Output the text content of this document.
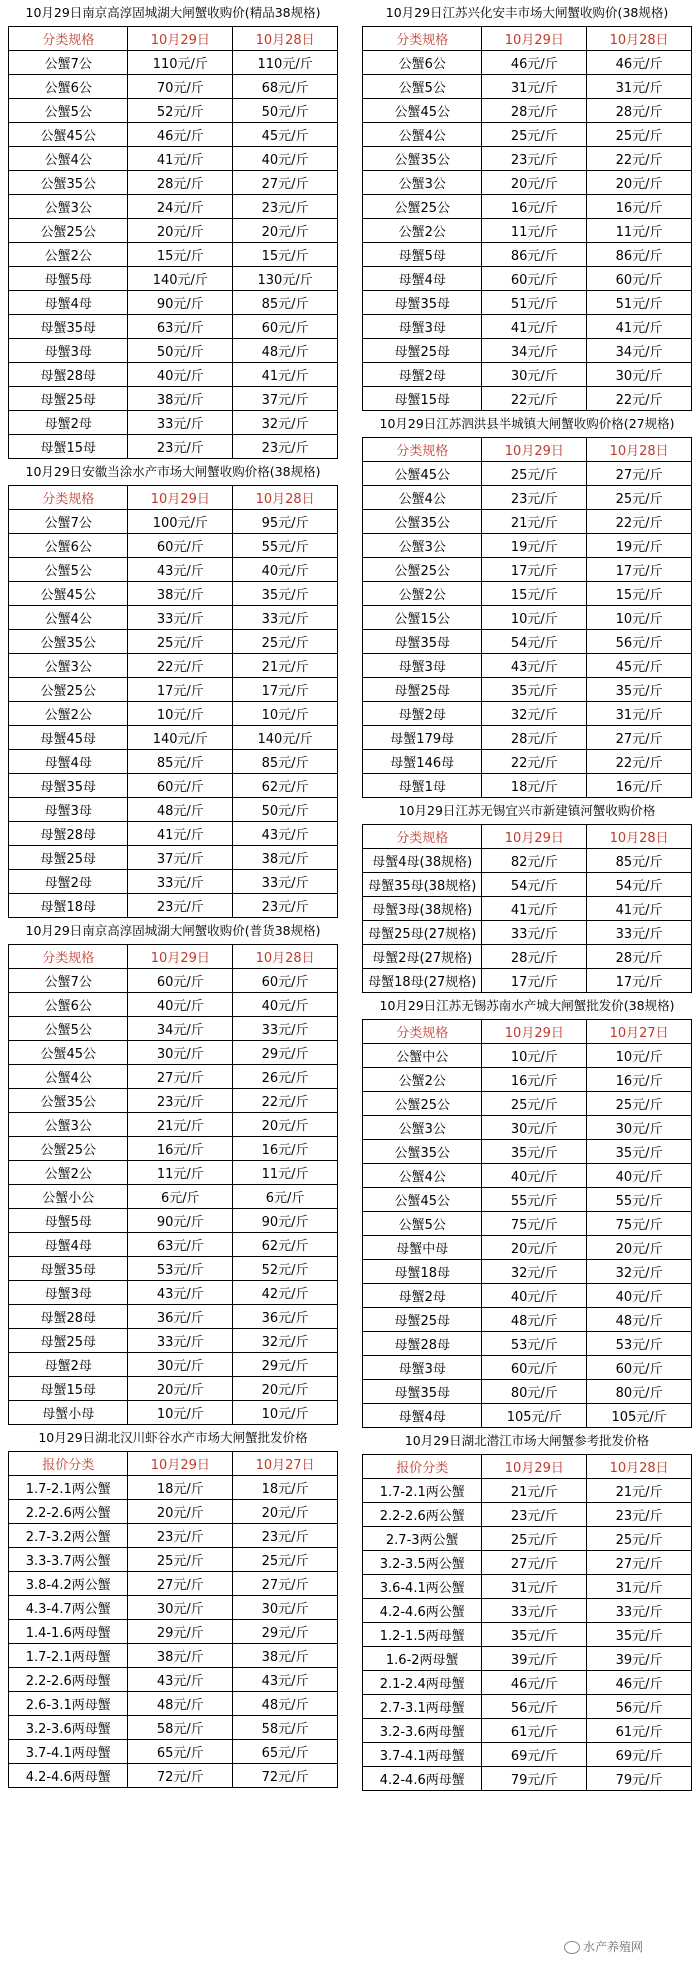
10月29日南京高淳固城湖大闸蟹收购价(精品38规格)
分类规格	10月29日	10月28日
公蟹7公	110元/斤	110元/斤
公蟹6公	70元/斤	68元/斤
公蟹5公	52元/斤	50元/斤
公蟹45公	46元/斤	45元/斤
公蟹4公	41元/斤	40元/斤
公蟹35公	28元/斤	27元/斤
公蟹3公	24元/斤	23元/斤
公蟹25公	20元/斤	20元/斤
公蟹2公	15元/斤	15元/斤
母蟹5母	140元/斤	130元/斤
母蟹4母	90元/斤	85元/斤
母蟹35母	63元/斤	60元/斤
母蟹3母	50元/斤	48元/斤
母蟹28母	40元/斤	41元/斤
母蟹25母	38元/斤	37元/斤
母蟹2母	33元/斤	32元/斤
母蟹15母	23元/斤	23元/斤
10月29日安徽当涂水产市场大闸蟹收购价格(38规格)
分类规格	10月29日	10月28日
公蟹7公	100元/斤	95元/斤
公蟹6公	60元/斤	55元/斤
公蟹5公	43元/斤	40元/斤
公蟹45公	38元/斤	35元/斤
公蟹4公	33元/斤	33元/斤
公蟹35公	25元/斤	25元/斤
公蟹3公	22元/斤	21元/斤
公蟹25公	17元/斤	17元/斤
公蟹2公	10元/斤	10元/斤
母蟹45母	140元/斤	140元/斤
母蟹4母	85元/斤	85元/斤
母蟹35母	60元/斤	62元/斤
母蟹3母	48元/斤	50元/斤
母蟹28母	41元/斤	43元/斤
母蟹25母	37元/斤	38元/斤
母蟹2母	33元/斤	33元/斤
母蟹18母	23元/斤	23元/斤
10月29日南京高淳固城湖大闸蟹收购价(普货38规格)
分类规格	10月29日	10月28日
公蟹7公	60元/斤	60元/斤
公蟹6公	40元/斤	40元/斤
公蟹5公	34元/斤	33元/斤
公蟹45公	30元/斤	29元/斤
公蟹4公	27元/斤	26元/斤
公蟹35公	23元/斤	22元/斤
公蟹3公	21元/斤	20元/斤
公蟹25公	16元/斤	16元/斤
公蟹2公	11元/斤	11元/斤
公蟹小公	6元/斤	6元/斤
母蟹5母	90元/斤	90元/斤
母蟹4母	63元/斤	62元/斤
母蟹35母	53元/斤	52元/斤
母蟹3母	43元/斤	42元/斤
母蟹28母	36元/斤	36元/斤
母蟹25母	33元/斤	32元/斤
母蟹2母	30元/斤	29元/斤
母蟹15母	20元/斤	20元/斤
母蟹小母	10元/斤	10元/斤
10月29日湖北汉川虾谷水产市场大闸蟹批发价格
报价分类	10月29日	10月27日
1.7-2.1两公蟹	18元/斤	18元/斤
2.2-2.6两公蟹	20元/斤	20元/斤
2.7-3.2两公蟹	23元/斤	23元/斤
3.3-3.7两公蟹	25元/斤	25元/斤
3.8-4.2两公蟹	27元/斤	27元/斤
4.3-4.7两公蟹	30元/斤	30元/斤
1.4-1.6两母蟹	29元/斤	29元/斤
1.7-2.1两母蟹	38元/斤	38元/斤
2.2-2.6两母蟹	43元/斤	43元/斤
2.6-3.1两母蟹	48元/斤	48元/斤
3.2-3.6两母蟹	58元/斤	58元/斤
3.7-4.1两母蟹	65元/斤	65元/斤
4.2-4.6两母蟹	72元/斤	72元/斤
10月29日江苏兴化安丰市场大闸蟹收购价(38规格)
分类规格	10月29日	10月28日
公蟹6公	46元/斤	46元/斤
公蟹5公	31元/斤	31元/斤
公蟹45公	28元/斤	28元/斤
公蟹4公	25元/斤	25元/斤
公蟹35公	23元/斤	22元/斤
公蟹3公	20元/斤	20元/斤
公蟹25公	16元/斤	16元/斤
公蟹2公	11元/斤	11元/斤
母蟹5母	86元/斤	86元/斤
母蟹4母	60元/斤	60元/斤
母蟹35母	51元/斤	51元/斤
母蟹3母	41元/斤	41元/斤
母蟹25母	34元/斤	34元/斤
母蟹2母	30元/斤	30元/斤
母蟹15母	22元/斤	22元/斤
10月29日江苏泗洪县半城镇大闸蟹收购价格(27规格)
分类规格	10月29日	10月28日
公蟹45公	25元/斤	27元/斤
公蟹4公	23元/斤	25元/斤
公蟹35公	21元/斤	22元/斤
公蟹3公	19元/斤	19元/斤
公蟹25公	17元/斤	17元/斤
公蟹2公	15元/斤	15元/斤
公蟹15公	10元/斤	10元/斤
母蟹35母	54元/斤	56元/斤
母蟹3母	43元/斤	45元/斤
母蟹25母	35元/斤	35元/斤
母蟹2母	32元/斤	31元/斤
母蟹179母	28元/斤	27元/斤
母蟹146母	22元/斤	22元/斤
母蟹1母	18元/斤	16元/斤
10月29日江苏无锡宜兴市新建镇河蟹收购价格
分类规格	10月29日	10月28日
母蟹4母(38规格)	82元/斤	85元/斤
母蟹35母(38规格)	54元/斤	54元/斤
母蟹3母(38规格)	41元/斤	41元/斤
母蟹25母(27规格)	33元/斤	33元/斤
母蟹2母(27规格)	28元/斤	28元/斤
母蟹18母(27规格)	17元/斤	17元/斤
10月29日江苏无锡苏南水产城大闸蟹批发价(38规格)
分类规格	10月29日	10月27日
公蟹中公	10元/斤	10元/斤
公蟹2公	16元/斤	16元/斤
公蟹25公	25元/斤	25元/斤
公蟹3公	30元/斤	30元/斤
公蟹35公	35元/斤	35元/斤
公蟹4公	40元/斤	40元/斤
公蟹45公	55元/斤	55元/斤
公蟹5公	75元/斤	75元/斤
母蟹中母	20元/斤	20元/斤
母蟹18母	32元/斤	32元/斤
母蟹2母	40元/斤	40元/斤
母蟹25母	48元/斤	48元/斤
母蟹28母	53元/斤	53元/斤
母蟹3母	60元/斤	60元/斤
母蟹35母	80元/斤	80元/斤
母蟹4母	105元/斤	105元/斤
10月29日湖北潜江市场大闸蟹参考批发价格
报价分类	10月29日	10月28日
1.7-2.1两公蟹	21元/斤	21元/斤
2.2-2.6两公蟹	23元/斤	23元/斤
2.7-3两公蟹	25元/斤	25元/斤
3.2-3.5两公蟹	27元/斤	27元/斤
3.6-4.1两公蟹	31元/斤	31元/斤
4.2-4.6两公蟹	33元/斤	33元/斤
1.2-1.5两母蟹	35元/斤	35元/斤
1.6-2两母蟹	39元/斤	39元/斤
2.1-2.4两母蟹	46元/斤	46元/斤
2.7-3.1两母蟹	56元/斤	56元/斤
3.2-3.6两母蟹	61元/斤	61元/斤
3.7-4.1两母蟹	69元/斤	69元/斤
4.2-4.6两母蟹	79元/斤	79元/斤
水产养殖网
